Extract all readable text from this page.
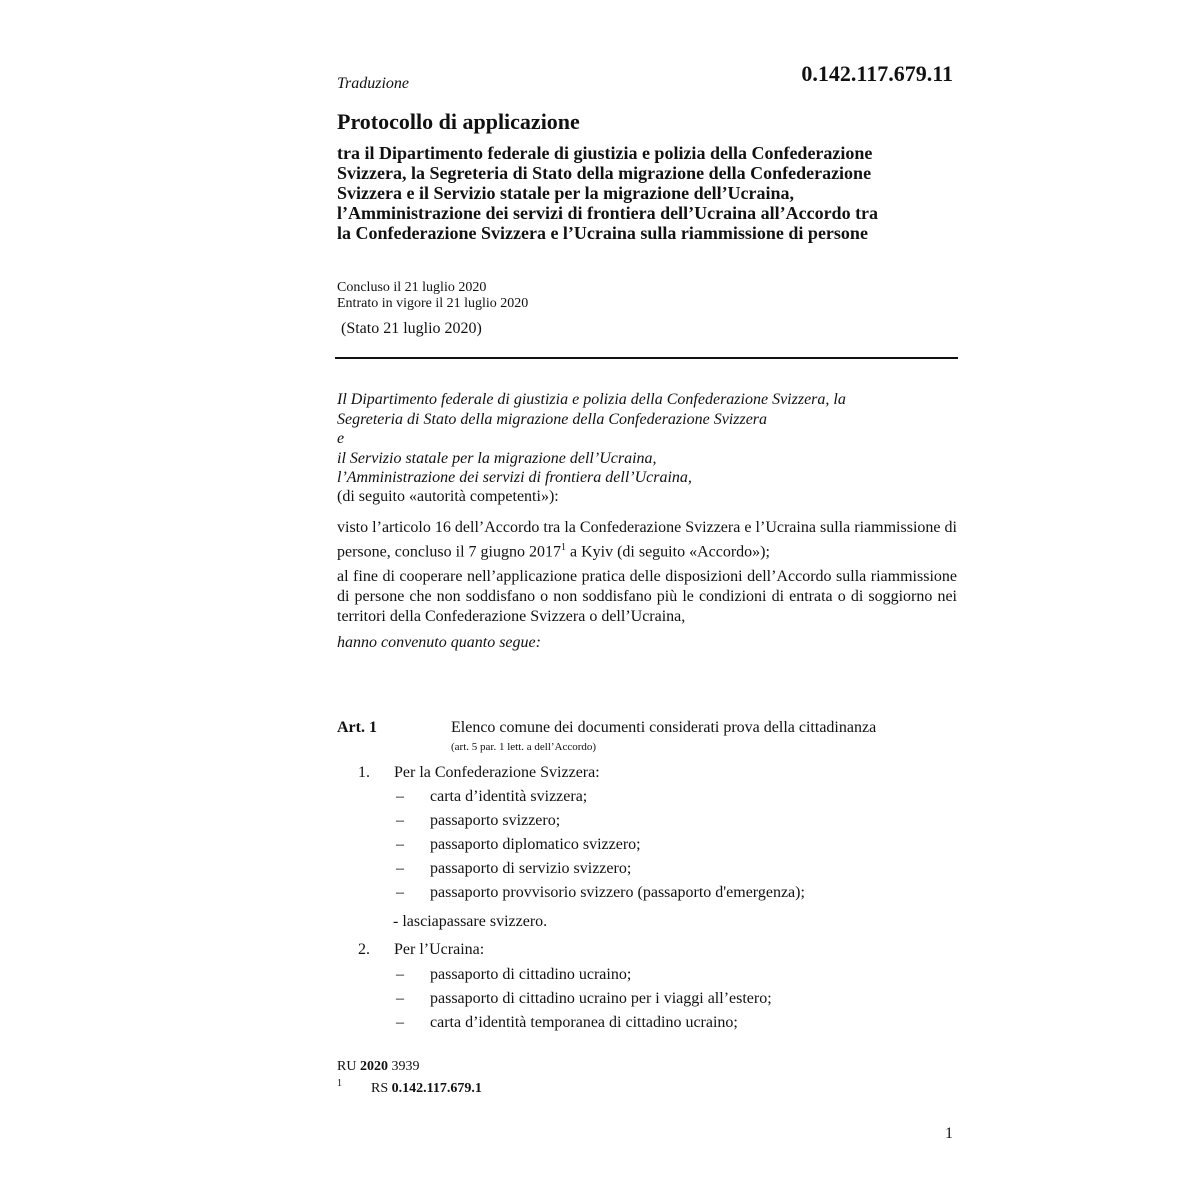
Traduzione	0.142.117.679.11
Protocollo di applicazione
tra il Dipartimento federale di giustizia e polizia della Confederazione
Svizzera, la Segreteria di Stato della migrazione della Confederazione
Svizzera e il Servizio statale per la migrazione dell’Ucraina,
l’Amministrazione dei servizi di frontiera dell’Ucraina all’Accordo tra
la Confederazione Svizzera e l’Ucraina sulla riammissione di persone
Concluso il 21 luglio 2020
Entrato in vigore il 21 luglio 2020
(Stato 21 luglio 2020)
Il Dipartimento federale di giustizia e polizia della Confederazione Svizzera, la
Segreteria di Stato della migrazione della Confederazione Svizzera
e
il Servizio statale per la migrazione dell’Ucraina,
l’Amministrazione dei servizi di frontiera dell’Ucraina,
(di seguito «autorità competenti»):
visto l’articolo 16 dell’Accordo tra la Confederazione Svizzera e l’Ucraina sulla riammissione di persone, concluso il 7 giugno 2017$^1$ a Kyiv (di seguito «Accordo»);
al fine di cooperare nell’applicazione pratica delle disposizioni dell’Accordo sulla riammissione di persone che non soddisfano o non soddisfano più le condizioni di entrata o di soggiorno nei territori della Confederazione Svizzera o dell’Ucraina,
hanno convenuto quanto segue:
Art. 1	Elenco comune dei documenti considerati prova della cittadinanza
(art. 5 par. 1 lett. a dell’Accordo)
1. Per la Confederazione Svizzera:
– carta d’identità svizzera;
– passaporto svizzero;
– passaporto diplomatico svizzero;
– passaporto di servizio svizzero;
– passaporto provvisorio svizzero (passaporto d'emergenza);
- lasciapassare svizzero.
2. Per l’Ucraina:
– passaporto di cittadino ucraino;
– passaporto di cittadino ucraino per i viaggi all’estero;
– carta d’identità temporanea di cittadino ucraino;
RU 2020 3939
1 RS 0.142.117.679.1
1
